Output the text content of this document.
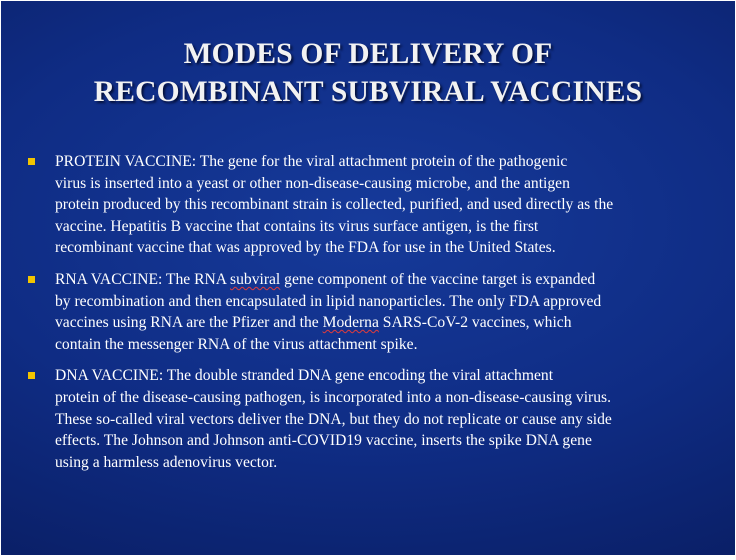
MODES OF DELIVERY OF
RECOMBINANT SUBVIRAL VACCINES
PROTEIN VACCINE: The gene for the viral attachment protein of the pathogenic
virus is inserted into a yeast or other non-disease-causing microbe, and the antigen
protein produced by this recombinant strain is collected, purified, and used directly as the
vaccine. Hepatitis B vaccine that contains its virus surface antigen, is the first
recombinant vaccine that was approved by the FDA for use in the United States.
RNA VACCINE: The RNA subviral gene component of the vaccine target is expanded
by recombination and then encapsulated in lipid nanoparticles. The only FDA approved
vaccines using RNA are the Pfizer and the Moderna SARS-CoV-2 vaccines, which
contain the messenger RNA of the virus attachment spike.
DNA VACCINE: The double stranded DNA gene encoding the viral attachment
protein of the disease-causing pathogen, is incorporated into a non-disease-causing virus.
These so-called viral vectors deliver the DNA, but they do not replicate or cause any side
effects. The Johnson and Johnson anti-COVID19 vaccine, inserts the spike DNA gene
using a harmless adenovirus vector.
